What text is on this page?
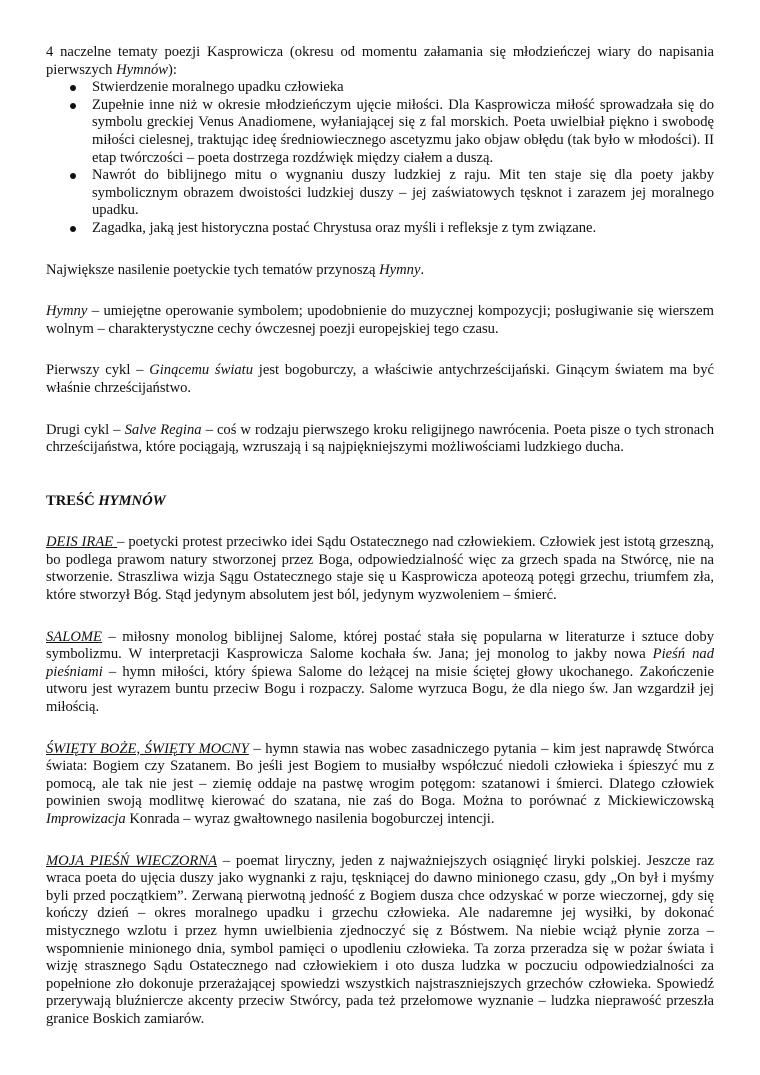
4 naczelne tematy poezji Kasprowicza (okresu od momentu załamania się młodzieńczej wiary do napisania pierwszych Hymnów):

Stwierdzenie moralnego upadku człowieka
Zupełnie inne niż w okresie młodzieńczym ujęcie miłości. Dla Kasprowicza miłość sprowadzała się do symbolu greckiej Venus Anadiomene, wyłaniającej się z fal morskich. Poeta uwielbiał piękno i swobodę miłości cielesnej, traktując ideę średniowiecznego ascetyzmu jako objaw obłędu (tak było w młodości). II etap twórczości – poeta dostrzega rozdźwięk między ciałem a duszą.
Nawrót do biblijnego mitu o wygnaniu duszy ludzkiej z raju. Mit ten staje się dla poety jakby symbolicznym obrazem dwoistości ludzkiej duszy – jej zaświatowych tęsknot i zarazem jej moralnego upadku.
Zagadka, jaką jest historyczna postać Chrystusa oraz myśli i refleksje z tym związane.

Największe nasilenie poetyckie tych tematów przynoszą Hymny.

Hymny – umiejętne operowanie symbolem; upodobnienie do muzycznej kompozycji; posługiwanie się wierszem wolnym – charakterystyczne cechy ówczesnej poezji europejskiej tego czasu.

Pierwszy cykl – Ginącemu światu jest bogoburczy, a właściwie antychrześcijański. Ginącym światem ma być właśnie chrześcijaństwo.

Drugi cykl – Salve Regina – coś w rodzaju pierwszego kroku religijnego nawrócenia. Poeta pisze o tych stronach chrześcijaństwa, które pociągają, wzruszają i są najpiękniejszymi możliwościami ludzkiego ducha.

TREŚĆ HYMNÓW

DEIS IRAE – poetycki protest przeciwko idei Sądu Ostatecznego nad człowiekiem. Człowiek jest istotą grzeszną, bo podlega prawom natury stworzonej przez Boga, odpowiedzialność więc za grzech spada na Stwórcę, nie na stworzenie. Straszliwa wizja Sągu Ostatecznego staje się u Kasprowicza apoteozą potęgi grzechu, triumfem zła, które stworzył Bóg. Stąd jedynym absolutem jest ból, jedynym wyzwoleniem – śmierć.

SALOME – miłosny monolog biblijnej Salome, której postać stała się popularna w literaturze i sztuce doby symbolizmu. W interpretacji Kasprowicza Salome kochała św. Jana; jej monolog to jakby nowa Pieśń nad pieśniami – hymn miłości, który śpiewa Salome do leżącej na misie ściętej głowy ukochanego. Zakończenie utworu jest wyrazem buntu przeciw Bogu i rozpaczy. Salome wyrzuca Bogu, że dla niego św. Jan wzgardził jej miłością.

ŚWIĘTY BOŻE, ŚWIĘTY MOCNY – hymn stawia nas wobec zasadniczego pytania – kim jest naprawdę Stwórca świata: Bogiem czy Szatanem. Bo jeśli jest Bogiem to musiałby współczuć niedoli człowieka i śpieszyć mu z pomocą, ale tak nie jest – ziemię oddaje na pastwę wrogim potęgom: szatanowi i śmierci. Dlatego człowiek powinien swoją modlitwę kierować do szatana, nie zaś do Boga. Można to porównać z Mickiewiczowską Improwizacja Konrada – wyraz gwałtownego nasilenia bogoburczej intencji.

MOJA PIEŚŃ WIECZORNA – poemat liryczny, jeden z najważniejszych osiągnięć liryki polskiej. Jeszcze raz wraca poeta do ujęcia duszy jako wygnanki z raju, tęskniącej do dawno minionego czasu, gdy „On był i myśmy byli przed początkiem”. Zerwaną pierwotną jedność z Bogiem dusza chce odzyskać w porze wieczornej, gdy się kończy dzień – okres moralnego upadku i grzechu człowieka. Ale nadaremne jej wysiłki, by dokonać mistycznego wzlotu i przez hymn uwielbienia zjednoczyć się z Bóstwem. Na niebie wciąż płynie zorza – wspomnienie minionego dnia, symbol pamięci o upodleniu człowieka. Ta zorza przeradza się w pożar świata i wizję strasznego Sądu Ostatecznego nad człowiekiem i oto dusza ludzka w poczuciu odpowiedzialności za popełnione zło dokonuje przerażającej spowiedzi wszystkich najstraszniejszych grzechów człowieka. Spowiedź przerywają bluźniercze akcenty przeciw Stwórcy, pada też przełomowe wyznanie – ludzka nieprawość przeszła granice Boskich zamiarów.
